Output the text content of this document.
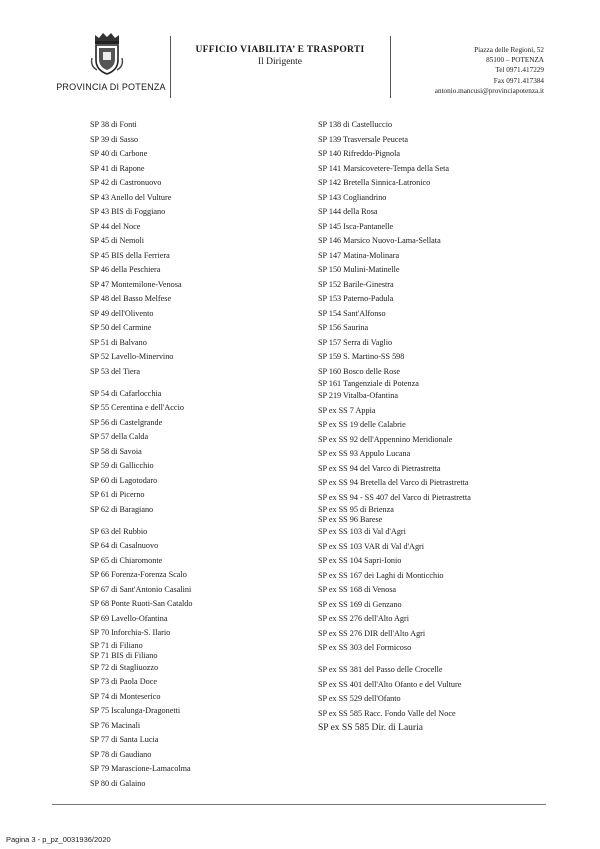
PROVINCIA DI POTENZA
UFFICIO VIABILITA’ E TRASPORTI
Il Dirigente
Piazza delle Regioni, 52
85100 – POTENZA
Tel 0971.417229
Fax 0971.417384
antonio.mancusi@provinciapotenza.it
SP 38 di Fonti
SP 39 di Sasso
SP 40 di Carbone
SP 41 di Rapone
SP 42 di Castronuovo
SP 43 Anello del Vulture
SP 43 BIS di Foggiano
SP 44 del Noce
SP 45 di Nemoli
SP 45 BIS della Ferriera
SP 46 della Peschiera
SP 47 Montemilone-Venosa
SP 48 del Basso Melfese
SP 49 dell'Olivento
SP 50 del Carmine
SP 51 di Balvano
SP 52 Lavello-Minervino
SP 53 del Tiera
SP 54 di Cafarlocchia
SP 55 Cerentina e dell'Accio
SP 56 di Castelgrande
SP 57 della Calda
SP 58 di Savoia
SP 59 di Gallicchio
SP 60 di Lagotodaro
SP 61 di Picerno
SP 62 di Baragiano
SP 63 del Rubbio
SP 64 di Casalnuovo
SP 65 di Chiaromonte
SP 66 Forenza-Forenza Scalo
SP 67 di Sant'Antonio Casalini
SP 68 Ponte Ruoti-San Cataldo
SP 69 Lavello-Ofantina
SP 70 Inforchia-S. Ilario
SP 71 di Filiano
SP 71 BIS di Filiano
SP 72 di Stagliuozzo
SP 73 di Paola Doce
SP 74 di Monteserico
SP 75 Iscalunga-Dragonetti
SP 76 Macinali
SP 77 di Santa Lucia
SP 78 di Gaudiano
SP 79 Marascione-Lamacolma
SP 80 di Galaino
SP 138 di Castelluccio
SP 139 Trasversale Peuceta
SP 140 Rifreddo-Pignola
SP 141 Marsicovetere-Tempa della Seta
SP 142 Bretella Sinnica-Latronico
SP 143 Cogliandrino
SP 144 della Rosa
SP 145 Isca-Pantanelle
SP 146 Marsico Nuovo-Lama-Sellata
SP 147 Matina-Molinara
SP 150 Mulini-Matinelle
SP 152 Barile-Ginestra
SP 153 Paterno-Padula
SP 154 Sant'Alfonso
SP 156 Saurina
SP 157 Serra di Vaglio
SP 159 S. Martino-SS 598
SP 160 Bosco delle Rose
SP 161 Tangenziale di Potenza
SP 219 Vitalba-Ofantina
SP ex SS 7 Appia
SP ex SS 19 delle Calabrie
SP ex SS 92 dell'Appennino Meridionale
SP ex SS 93 Appulo Lucana
SP ex SS 94 del Varco di Pietrastretta
SP ex SS 94 Bretella del Varco di Pietrastretta
SP ex SS 94 - SS 407 del Varco di Pietrastretta
SP ex SS 95 di Brienza
SP ex SS 96 Barese
SP ex SS 103 di Val d'Agri
SP ex SS 103 VAR di Val d'Agri
SP ex SS 104 Sapri-Ionio
SP ex SS 167 dei Laghi di Monticchio
SP ex SS 168 di Venosa
SP ex SS 169 di Genzano
SP ex SS 276 dell'Alto Agri
SP ex SS 276 DIR dell'Alto Agri
SP ex SS 303 del Formicoso
SP ex SS 381 del Passo delle Crocelle
SP ex SS 401 dell'Alto Ofanto e del Vulture
SP ex SS 529 dell'Ofanto
SP ex SS 585 Racc. Fondo Valle del Noce
SP ex SS 585 Dir. di Lauria
Pagina 3 - p_pz_0031936/2020
